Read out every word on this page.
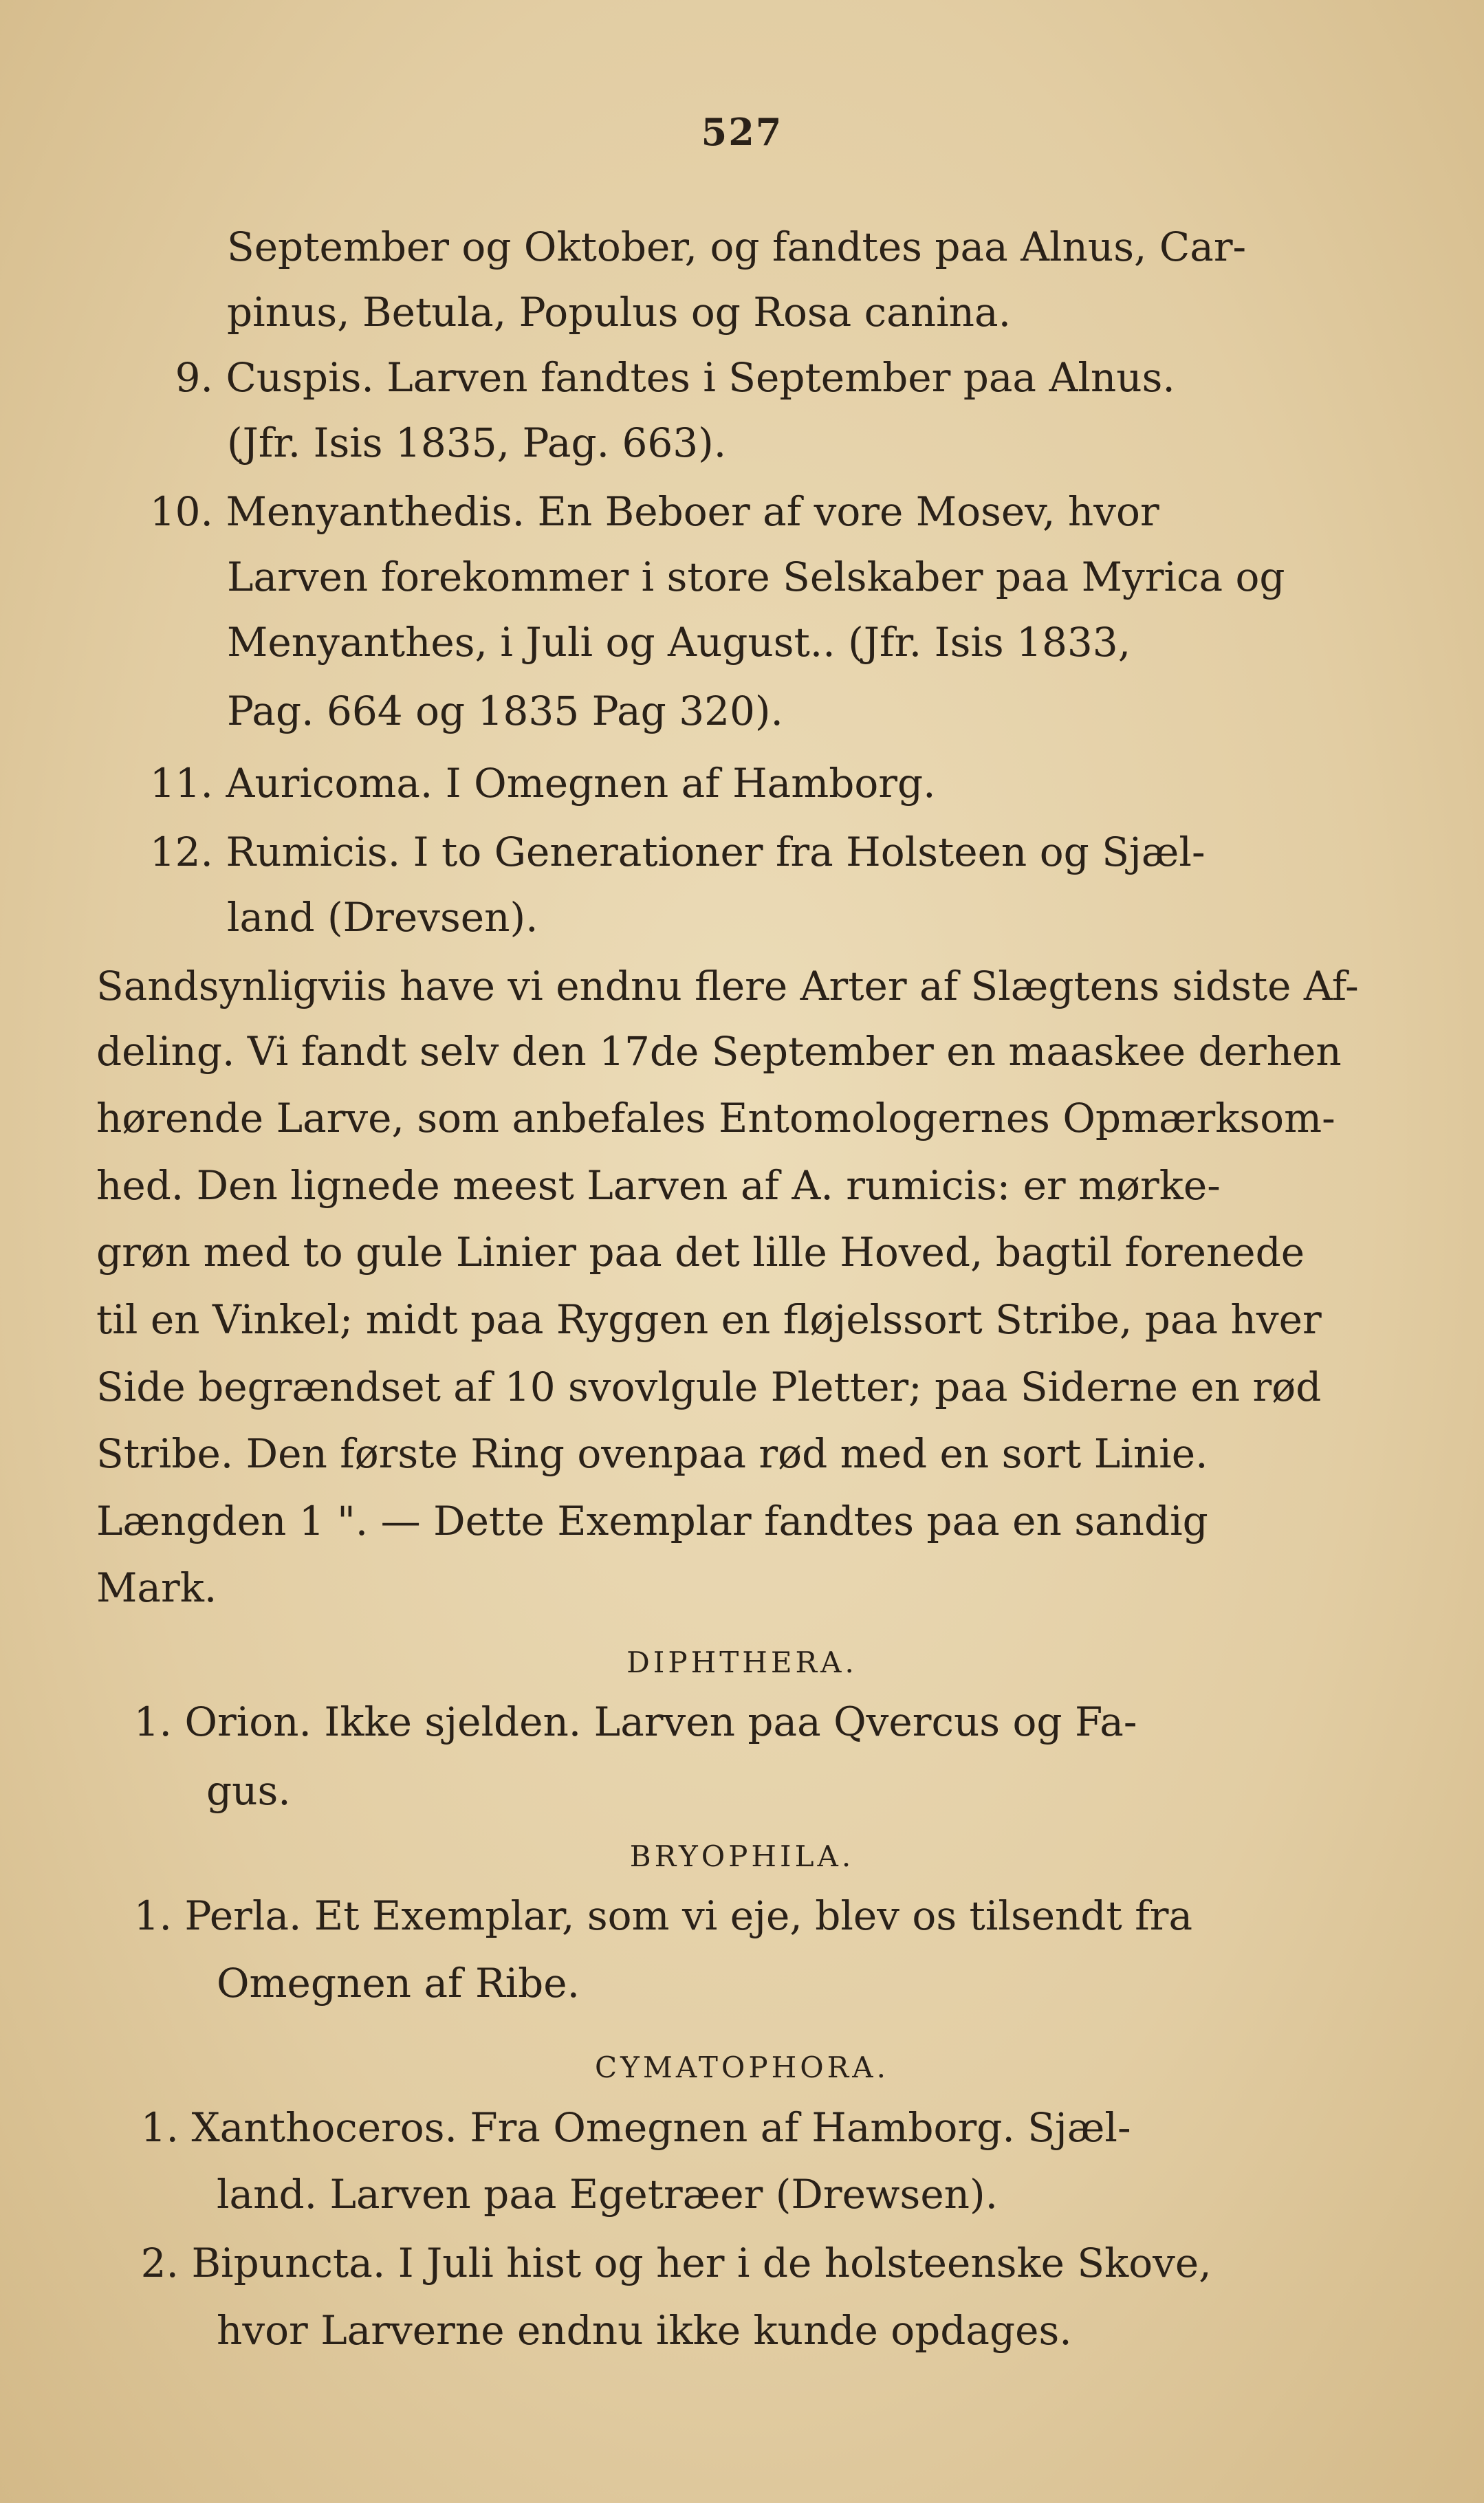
527
September og Oktober, og fandtes paa Alnus, Car-
pinus, Betula, Populus og Rosa canina.
9. Cuspis. Larven fandtes i September paa Alnus.
(Jfr. Isis 1835, Pag. 663).
10. Menyanthedis. En Beboer af vore Mosev, hvor
Larven forekommer i store Selskaber paa Myrica og
Menyanthes, i Juli og August.. (Jfr. Isis 1833,
Pag. 664 og 1835 Pag 320).
11. Auricoma. I Omegnen af Hamborg.
12. Rumicis. I to Generationer fra Holsteen og Sjæl-
land (Drevsen).
Sandsynligviis have vi endnu flere Arter af Slægtens sidste Af-
deling. Vi fandt selv den 17de September en maaskee derhen
hørende Larve, som anbefales Entomologernes Opmærksom-
hed. Den lignede meest Larven af A. rumicis: er mørke-
grøn med to gule Linier paa det lille Hoved, bagtil forenede
til en Vinkel; midt paa Ryggen en fløjelssort Stribe, paa hver
Side begrændset af 10 svovlgule Pletter; paa Siderne en rød
Stribe. Den første Ring ovenpaa rød med en sort Linie.
Længden 1 ". — Dette Exemplar fandtes paa en sandig
Mark.
DIPHTHERA.
1. Orion. Ikke sjelden. Larven paa Qvercus og Fa-
gus.
BRYOPHILA.
1. Perla. Et Exemplar, som vi eje, blev os tilsendt fra
Omegnen af Ribe.
CYMATOPHORA.
1. Xanthoceros. Fra Omegnen af Hamborg. Sjæl-
land. Larven paa Egetræer (Drewsen).
2. Bipuncta. I Juli hist og her i de holsteenske Skove,
hvor Larverne endnu ikke kunde opdages.
